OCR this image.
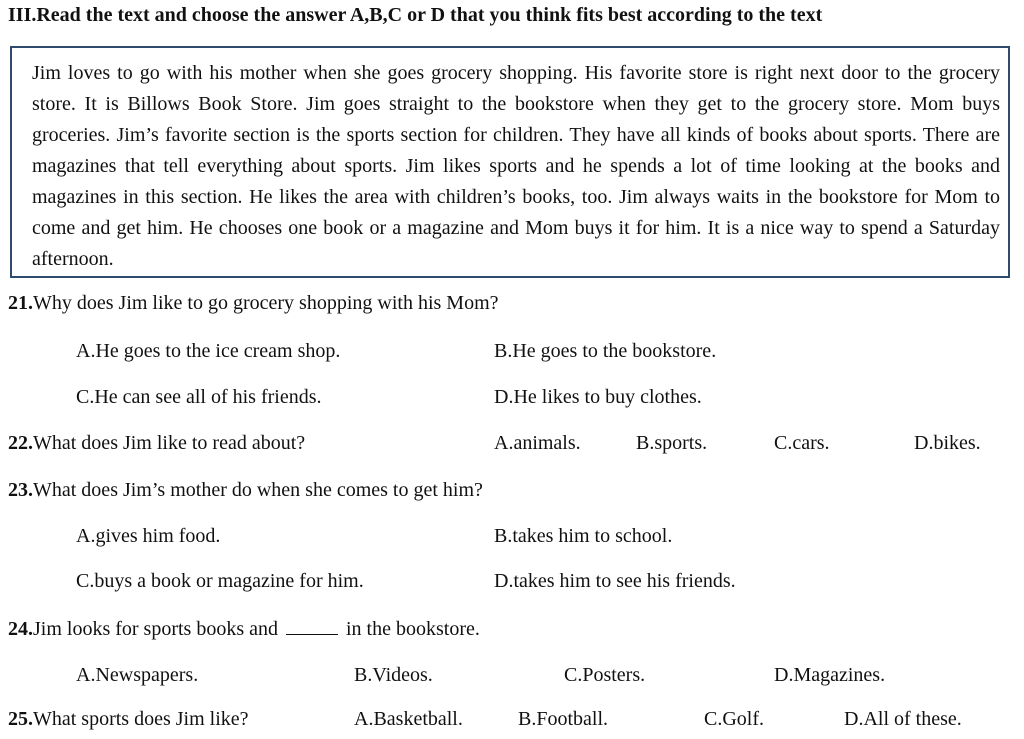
III.Read the text and choose the answer A,B,C or D that you think fits best according to the text
Jim loves to go with his mother when she goes grocery shopping. His favorite store is right next door to the grocery store. It is Billows Book Store. Jim goes straight to the bookstore when they get to the grocery store. Mom buys groceries. Jim’s favorite section is the sports section for children. They have all kinds of books about sports. There are magazines that tell everything about sports. Jim likes sports and he spends a lot of time looking at the books and magazines in this section. He likes the area with children’s books, too. Jim always waits in the bookstore for Mom to come and get him. He chooses one book or a magazine and Mom buys it for him. It is a nice way to spend a Saturday afternoon.
21.Why does Jim like to go grocery shopping with his Mom?
A.He goes to the ice cream shop.	B.He goes to the bookstore.
C.He can see all of his friends.	D.He likes to buy clothes.
22.What does Jim like to read about?	A.animals.	B.sports.	C.cars.	D.bikes.
23.What does Jim’s mother do when she comes to get him?
A.gives him food.	B.takes him to school.
C.buys a book or magazine for him.	D.takes him to see his friends.
24.Jim looks for sports books and	in the bookstore.
A.Newspapers.	B.Videos.	C.Posters.	D.Magazines.
25.What sports does Jim like?	A.Basketball.	B.Football.	C.Golf.	D.All of these.
